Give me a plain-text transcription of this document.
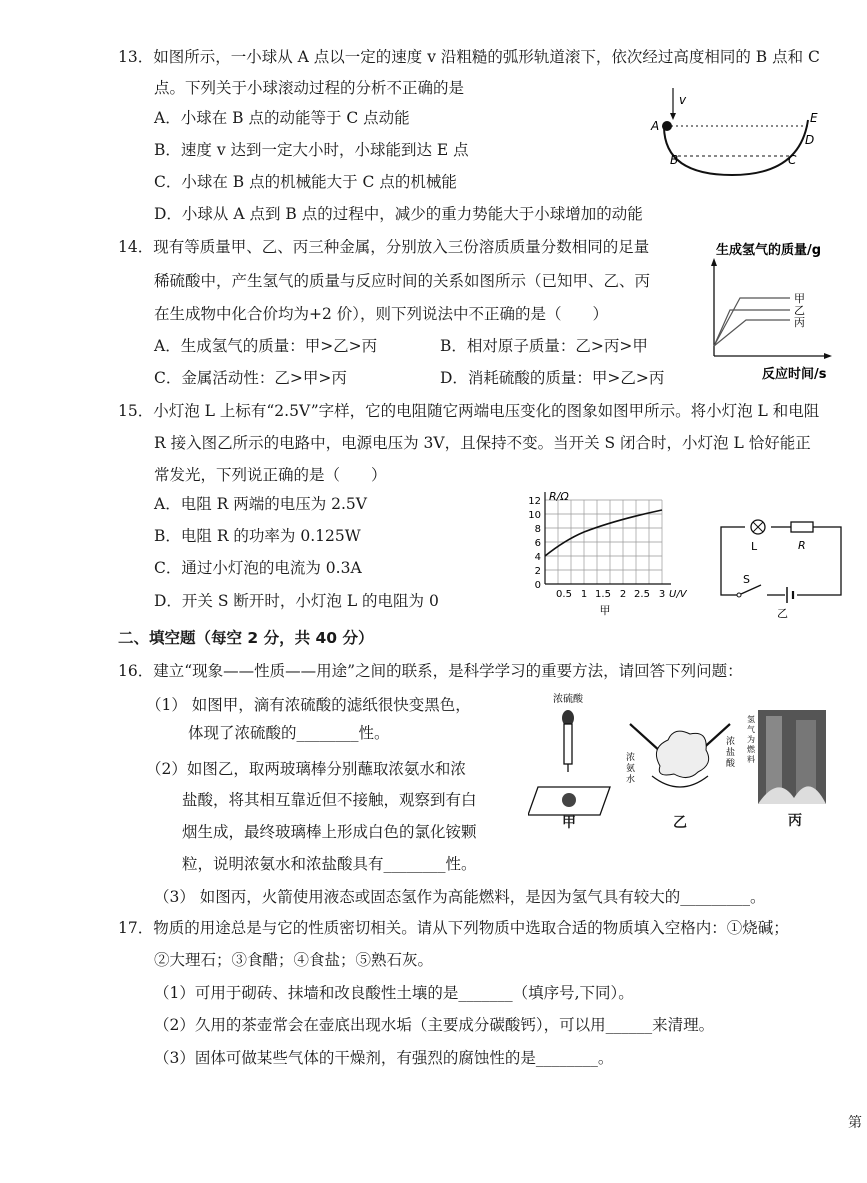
13．如图所示，一小球从 A 点以一定的速度 v 沿粗糙的弧形轨道滚下，依次经过高度相同的 B 点和 C
点。下列关于小球滚动过程的分析不正确的是
A．小球在 B 点的动能等于 C 点动能
B．速度 v 达到一定大小时，小球能到达 E 点
C．小球在 B 点的机械能大于 C 点的机械能
D．小球从 A 点到 B 点的过程中，减少的重力势能大于小球增加的动能
v
A
B	C
D
E
14．现有等质量甲、乙、丙三种金属，分别放入三份溶质质量分数相同的足量
稀硫酸中，产生氢气的质量与反应时间的关系如图所示（已知甲、乙、丙
在生成物中化合价均为+2 价），则下列说法中不正确的是（　　）
A．生成氢气的质量：甲>乙>丙	B．相对原子质量：乙>丙>甲
C．金属活动性：乙>甲>丙	D．消耗硫酸的质量：甲>乙>丙
生成氢气的质量/g
甲
乙
丙
反应时间/s
15．小灯泡 L 上标有“2.5V”字样，它的电阻随它两端电压变化的图象如图甲所示。将小灯泡 L 和电阻
R 接入图乙所示的电路中，电源电压为 3V，且保持不变。当开关 S 闭合时，小灯泡 L 恰好能正
常发光，下列说正确的是（　　）
A．电阻 R 两端的电压为 2.5V
B．电阻 R 的功率为 0.125W
C．通过小灯泡的电流为 0.3A
D．开关 S 断开时，小灯泡 L 的电阻为 0
R/Ω
12
10
8
6
4
2
0
0.5 1 1.5 2 2.5 3 U/V
甲
L	R
S
乙
二、填空题（每空 2 分，共 40 分）
16．建立“现象——性质——用途”之间的联系，是科学学习的重要方法，请回答下列问题：
（1） 如图甲，滴有浓硫酸的滤纸很快变黑色，
体现了浓硫酸的________性。
（2）如图乙，取两玻璃棒分别蘸取浓氨水和浓
盐酸，将其相互靠近但不接触，观察到有白
烟生成，最终玻璃棒上形成白色的氯化铵颗
粒，说明浓氨水和浓盐酸具有________性。
（3） 如图丙，火箭使用液态或固态氢作为高能燃料，是因为氢气具有较大的_________。
浓硫酸
浓氨水
浓盐酸
氢气为燃料
甲	乙	丙
17．物质的用途总是与它的性质密切相关。请从下列物质中选取合适的物质填入空格内：①烧碱；
②大理石；③食醋；④食盐；⑤熟石灰。
（1）可用于砌砖、抹墙和改良酸性土壤的是_______（填序号,下同）。
（2）久用的茶壶常会在壶底出现水垢（主要成分碳酸钙），可以用______来清理。
（3）固体可做某些气体的干燥剂，有强烈的腐蚀性的是________。
第
